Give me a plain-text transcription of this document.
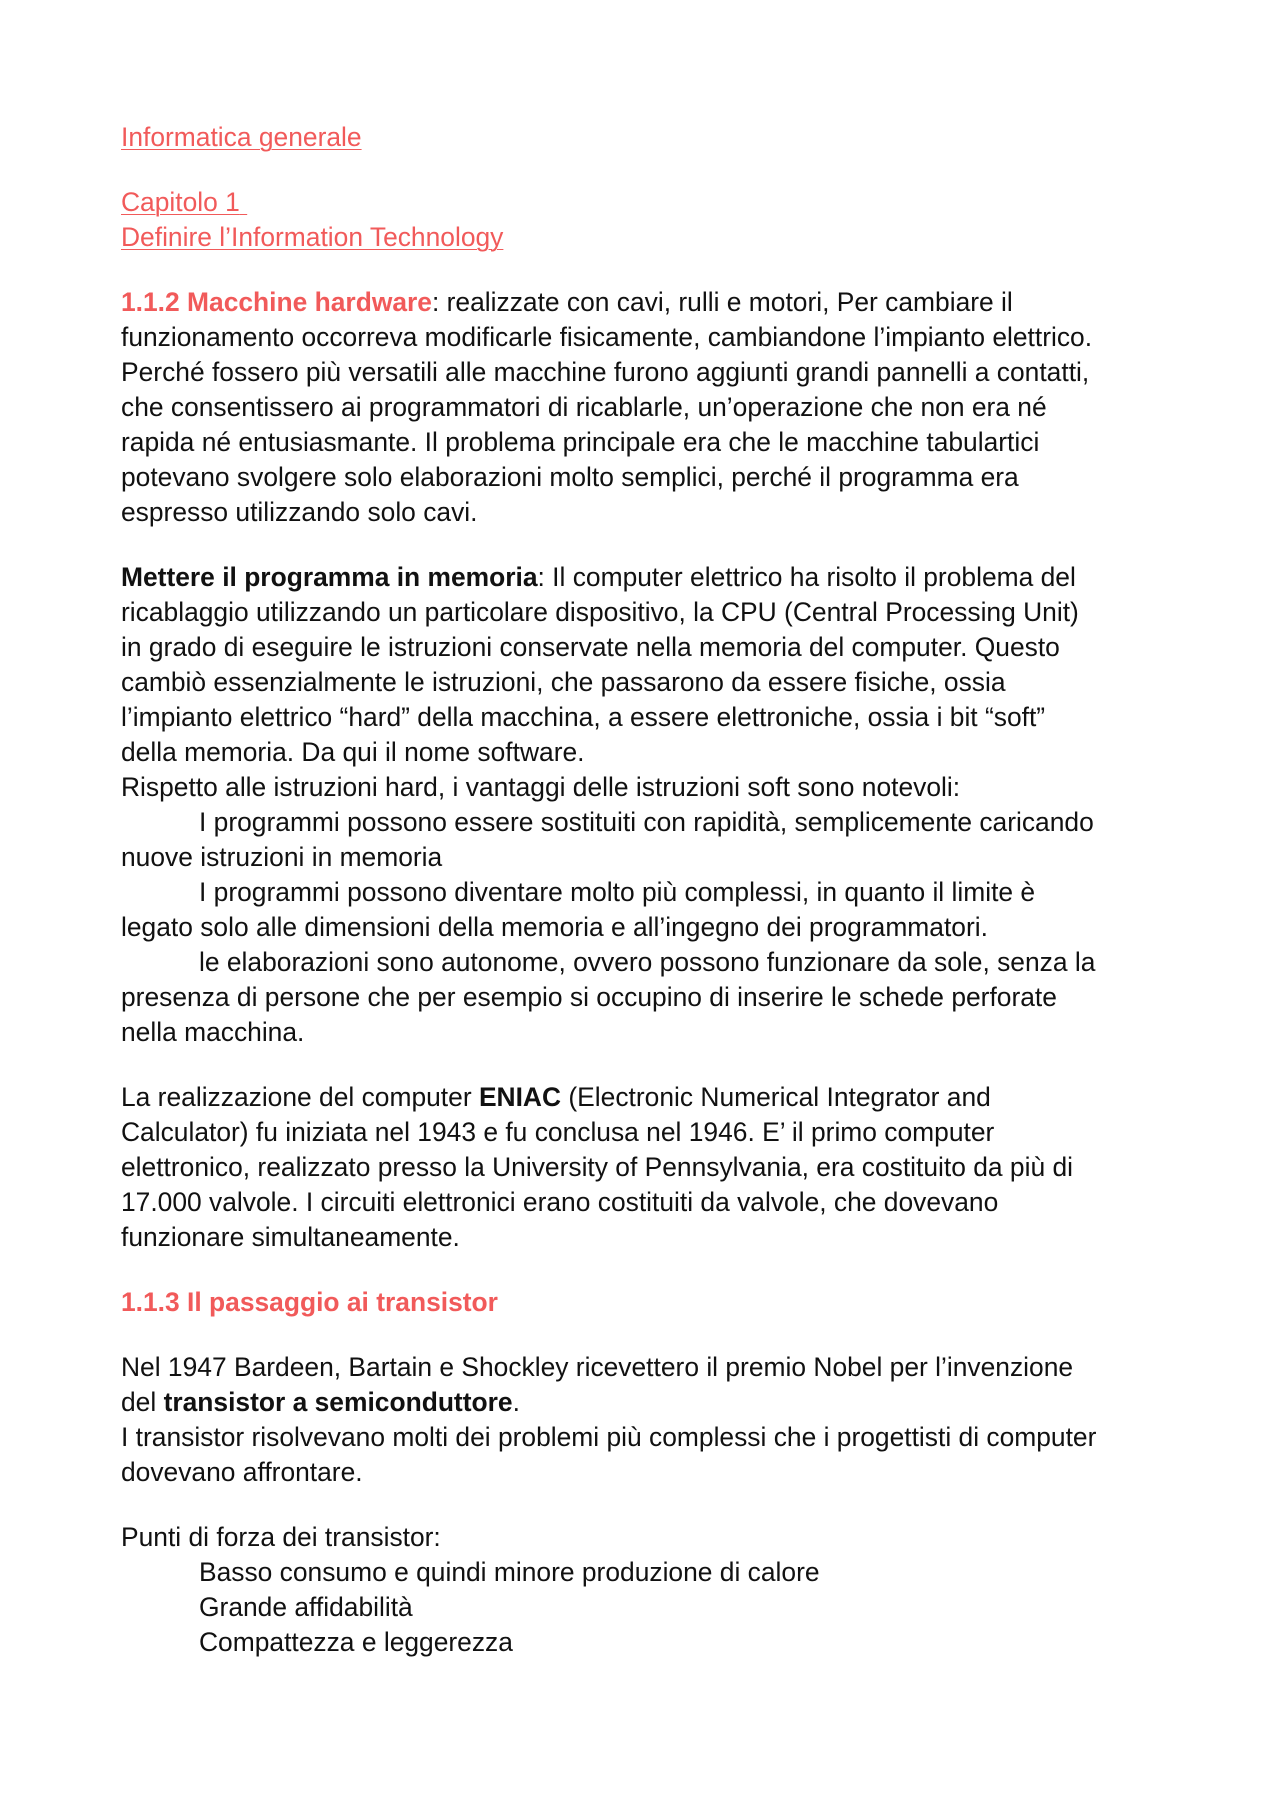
Informatica generale

Capitolo 1

Definire l’Information Technology

1.1.2 Macchine hardware: realizzate con cavi, rulli e motori, Per cambiare il

funzionamento occorreva modificarle fisicamente, cambiandone l’impianto elettrico.

Perché fossero più versatili alle macchine furono aggiunti grandi pannelli a contatti,

che consentissero ai programmatori di ricablarle, un’operazione che non era né

rapida né entusiasmante. Il problema principale era che le macchine tabulartici

potevano svolgere solo elaborazioni molto semplici, perché il programma era

espresso utilizzando solo cavi.

Mettere il programma in memoria: Il computer elettrico ha risolto il problema del

ricablaggio utilizzando un particolare dispositivo, la CPU (Central Processing Unit)

in grado di eseguire le istruzioni conservate nella memoria del computer. Questo

cambiò essenzialmente le istruzioni, che passarono da essere fisiche, ossia

l’impianto elettrico “hard” della macchina, a essere elettroniche, ossia i bit “soft”

della memoria. Da qui il nome software.

Rispetto alle istruzioni hard, i vantaggi delle istruzioni soft sono notevoli:

I programmi possono essere sostituiti con rapidità, semplicemente caricando

nuove istruzioni in memoria

I programmi possono diventare molto più complessi, in quanto il limite è

legato solo alle dimensioni della memoria e all’ingegno dei programmatori.

le elaborazioni sono autonome, ovvero possono funzionare da sole, senza la

presenza di persone che per esempio si occupino di inserire le schede perforate

nella macchina.

La realizzazione del computer ENIAC (Electronic Numerical Integrator and

Calculator) fu iniziata nel 1943 e fu conclusa nel 1946. E’ il primo computer

elettronico, realizzato presso la University of Pennsylvania, era costituito da più di

17.000 valvole. I circuiti elettronici erano costituiti da valvole, che dovevano

funzionare simultaneamente.

1.1.3 Il passaggio ai transistor

Nel 1947 Bardeen, Bartain e Shockley ricevettero il premio Nobel per l’invenzione

del transistor a semiconduttore.

I transistor risolvevano molti dei problemi più complessi che i progettisti di computer

dovevano affrontare.

Punti di forza dei transistor:

Basso consumo e quindi minore produzione di calore

Grande affidabilità

Compattezza e leggerezza
